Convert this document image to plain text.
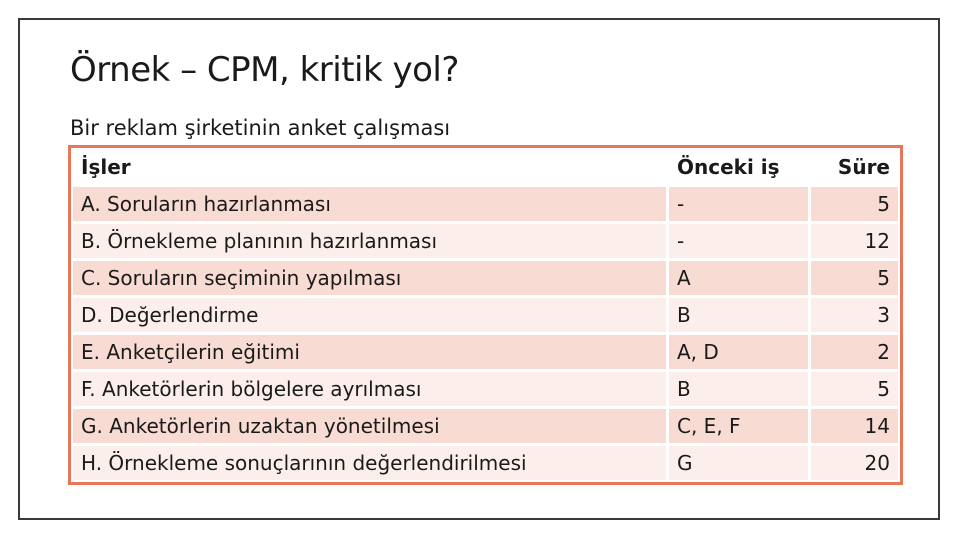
Örnek – CPM, kritik yol?
Bir reklam şirketinin anket çalışması
İşler	Önceki iş	Süre
A. Soruların hazırlanması	-	5
B. Örnekleme planının hazırlanması	-	12
C. Soruların seçiminin yapılması	A	5
D. Değerlendirme	B	3
E. Anketçilerin eğitimi	A, D	2
F. Anketörlerin bölgelere ayrılması	B	5
G. Anketörlerin uzaktan yönetilmesi	C, E, F	14
H. Örnekleme sonuçlarının değerlendirilmesi	G	20
